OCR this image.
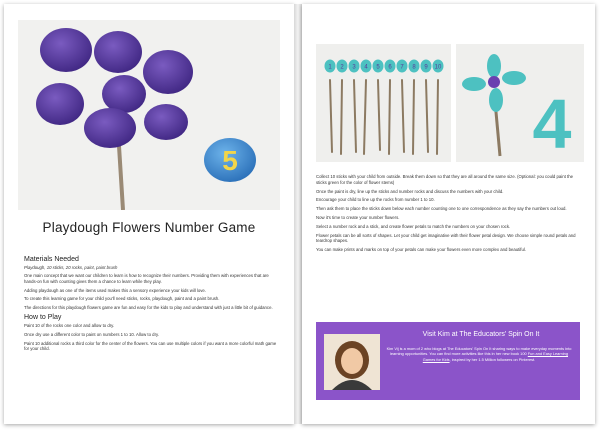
5
Playdough Flowers Number Game
Materials Needed
Playdough, 10 sticks, 20 rocks, paint, paint brush
One main concept that we want our children to learn is how to recognize their numbers. Providing them with experiences that are hands-on fun with counting gives them a chance to learn while they play.
Adding playdough as one of the items used makes this a sensory experience your kids will love.
To create this learning game for your child you'll need sticks, rocks, playdough, paint and a paint brush.
The directions for this playdough flowers game are fun and easy for the kids to play and understand with just a little bit of guidance.
How to Play
Paint 10 of the rocks one color and allow to dry.
Once dry use a different color to paint on numbers 1 to 10. Allow to dry.
Paint 10 additional rocks a third color for the center of the flowers. You can use multiple colors if you want a more colorful math game for your child.
1 2 3 4 5 6 7 8 9 10
4
Collect 10 sticks with your child from outside. Break them down so that they are all around the same size. (Optional: you could paint the sticks green for the color of flower stems)
Once the paint is dry, line up the sticks and number rocks and discuss the numbers with your child.
Encourage your child to line up the rocks from number 1 to 10.
Then ask them to place the sticks down below each number counting one to one correspondence as they say the numbers out loud.
Now it's time to create your number flowers.
Select a number rock and a stick, and create flower petals to match the numbers on your chosen rock.
Flower petals can be all sorts of shapes. Let your child get imaginative with their flower petal design. We choose simple round petals and teardrop shapes.
You can make prints and marks on top of your petals can make your flowers even more complex and beautiful.
Visit Kim at The Educators' Spin On It
Kim Vij is a mom of 2 who blogs at The Educators' Spin On It sharing ways to make everyday moments into learning opportunities. You can find more activities like this in her new book 100 Fun and Easy Learning Games for Kids, inspired by her 1.5 Million followers on Pinterest.
